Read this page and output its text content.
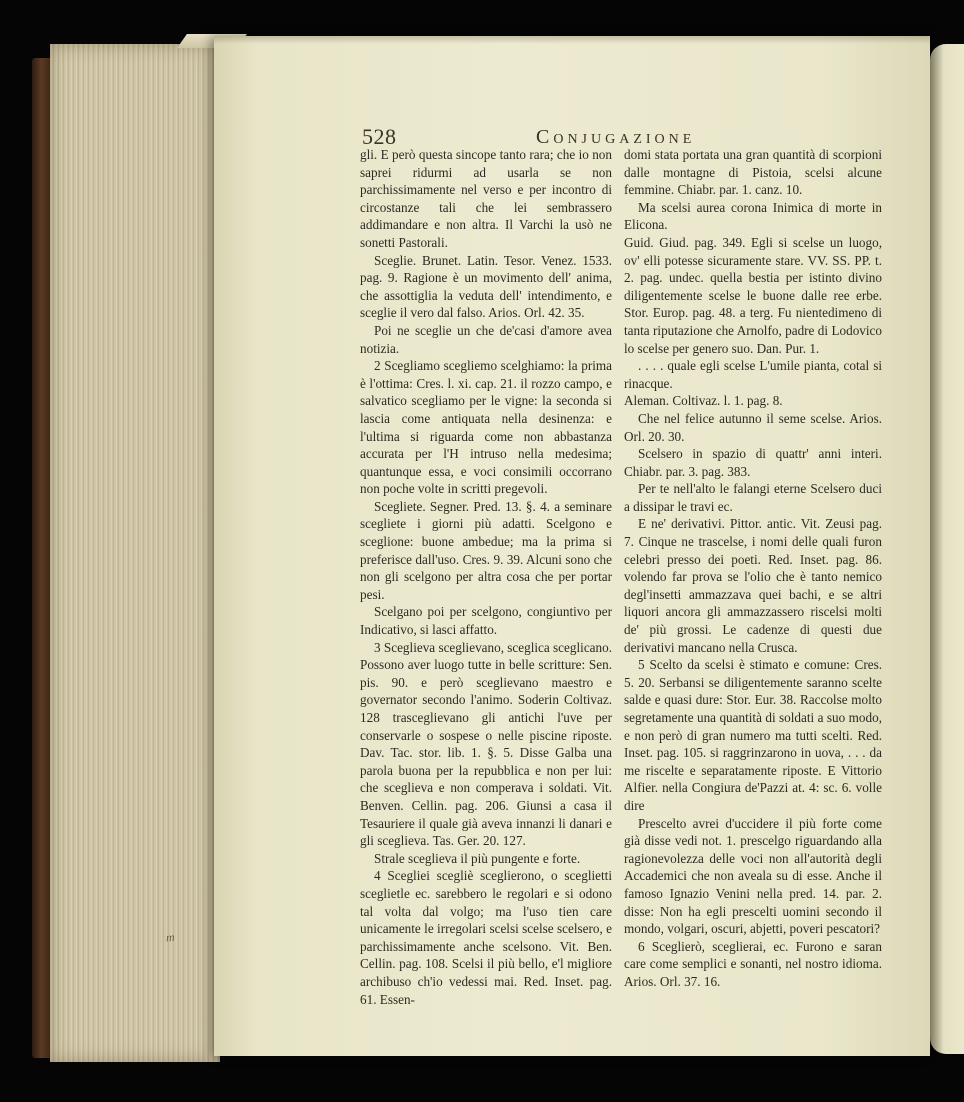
m
528	Conjugazione

gli. E però questa sincope tanto rara; che io non saprei ridurmi ad usarla se non parchissimamente nel verso e per incontro di circostanze tali che lei sembrassero addimandare e non altra. Il Varchi la usò ne sonetti Pastorali.

Sceglie. Brunet. Latin. Tesor. Venez. 1533. pag. 9. Ragione è un movimento dell' anima, che assottiglia la veduta dell' intendimento, e sceglie il vero dal falso. Arios. Orl. 42. 35.

Poi ne sceglie un che de'casi d'amore avea notizia.

2 Scegliamo scegliemo scelghiamo: la prima è l'ottima: Cres. l. xi. cap. 21. il rozzo campo, e salvatico scegliamo per le vigne: la seconda si lascia come antiquata nella desinenza: e l'ultima si riguarda come non abbastanza accurata per l'H intruso nella medesima; quantunque essa, e voci consimili occorrano non poche volte in scritti pregevoli.

Scegliete. Segner. Pred. 13. §. 4. a seminare scegliete i giorni più adatti. Scelgono e sceglione: buone ambedue; ma la prima si preferisce dall'uso. Cres. 9. 39. Alcuni sono che non gli scelgono per altra cosa che per portar pesi.

Scelgano poi per scelgono, congiuntivo per Indicativo, si lasci affatto.

3 Sceglieva sceglievano, sceglica sceglicano. Possono aver luogo tutte in belle scritture: Sen. pis. 90. e però sceglievano maestro e governator secondo l'animo. Soderin Coltivaz. 128 trasceglievano gli antichi l'uve per conservarle o sospese o nelle piscine riposte. Dav. Tac. stor. lib. 1. §. 5. Disse Galba una parola buona per la repubblica e non per lui: che sceglieva e non comperava i soldati. Vit. Benven. Cellin. pag. 206. Giunsi a casa il Tesauriere il quale già aveva innanzi li danari e gli sceglieva. Tas. Ger. 20. 127.

Strale sceglieva il più pungente e forte.

4 Scegliei scegliè sceglierono, o sceglietti sceglietle ec. sarebbero le regolari e si odono tal volta dal volgo; ma l'uso tien care unicamente le irregolari scelsi scelse scelsero, e parchissimamente anche scelsono. Vit. Ben. Cellin. pag. 108. Scelsi il più bello, e'l migliore archibuso ch'io vedessi mai. Red. Inset. pag. 61. Essen-

domi stata portata una gran quantità di scorpioni dalle montagne di Pistoia, scelsi alcune femmine. Chiabr. par. 1. canz. 10.

Ma scelsi aurea corona Inimica di morte in Elicona.

Guid. Giud. pag. 349. Egli si scelse un luogo, ov' elli potesse sicuramente stare. VV. SS. PP. t. 2. pag. undec. quella bestia per istinto divino diligentemente scelse le buone dalle ree erbe. Stor. Europ. pag. 48. a terg. Fu nientedimeno di tanta riputazione che Arnolfo, padre di Lodovico lo scelse per genero suo. Dan. Pur. 1.

. . . . quale egli scelse L'umile pianta, cotal si rinacque.

Aleman. Coltivaz. l. 1. pag. 8.

Che nel felice autunno il seme scelse. Arios. Orl. 20. 30.

Scelsero in spazio di quattr' anni interi. Chiabr. par. 3. pag. 383.

Per te nell'alto le falangi eterne Scelsero duci a dissipar le travi ec.

E ne' derivativi. Pittor. antic. Vit. Zeusi pag. 7. Cinque ne trascelse, i nomi delle quali furon celebri presso dei poeti. Red. Inset. pag. 86. volendo far prova se l'olio che è tanto nemico degl'insetti ammazzava quei bachi, e se altri liquori ancora gli ammazzassero riscelsi molti de' più grossi. Le cadenze di questi due derivativi mancano nella Crusca.

5 Scelto da scelsi è stimato e comune: Cres. 5. 20. Serbansi se diligentemente saranno scelte salde e quasi dure: Stor. Eur. 38. Raccolse molto segretamente una quantità di soldati a suo modo, e non però di gran numero ma tutti scelti. Red. Inset. pag. 105. si raggrinzarono in uova, . . . da me riscelte e separatamente riposte. E Vittorio Alfier. nella Congiura de'Pazzi at. 4: sc. 6. volle dire

Prescelto avrei d'uccidere il più forte come già disse vedi not. 1. prescelgo riguardando alla ragionevolezza delle voci non all'autorità degli Accademici che non aveala su di esse. Anche il famoso Ignazio Venini nella pred. 14. par. 2. disse: Non ha egli prescelti uomini secondo il mondo, volgari, oscuri, abjetti, poveri pescatori?

6 Sceglierò, sceglierai, ec. Furono e saran care come semplici e sonanti, nel nostro idioma. Arios. Orl. 37. 16.
